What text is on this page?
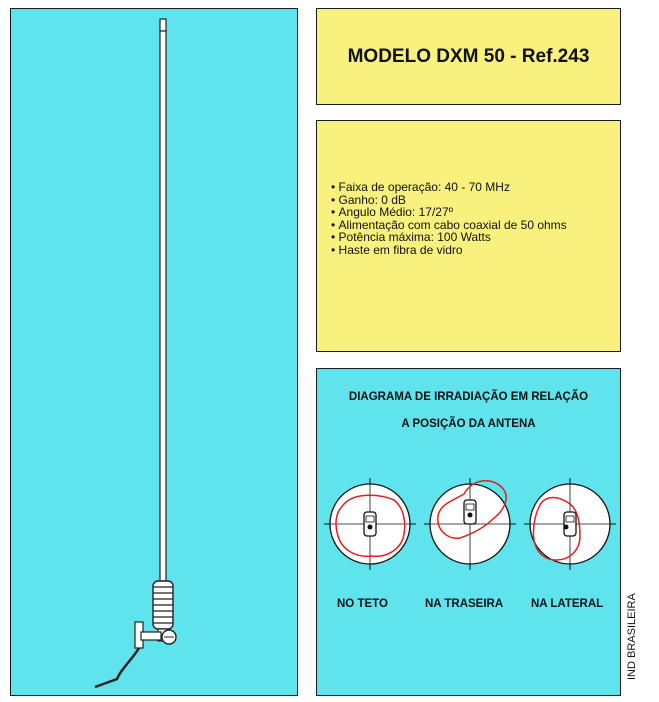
MODELO DXM 50 - Ref.243
• Faixa de operação: 40 - 70 MHz
• Ganho: 0 dB
• Angulo Médio: 17/27º
• Alimentação com cabo coaxial de 50 ohms
• Potência máxima: 100 Watts
• Haste em fibra de vidro
DIAGRAMA DE IRRADIAÇÃO EM RELAÇÃO
A POSIÇÃO DA ANTENA
NO TETO	NA TRASEIRA NA LATERAL IND BRASILEIRA
